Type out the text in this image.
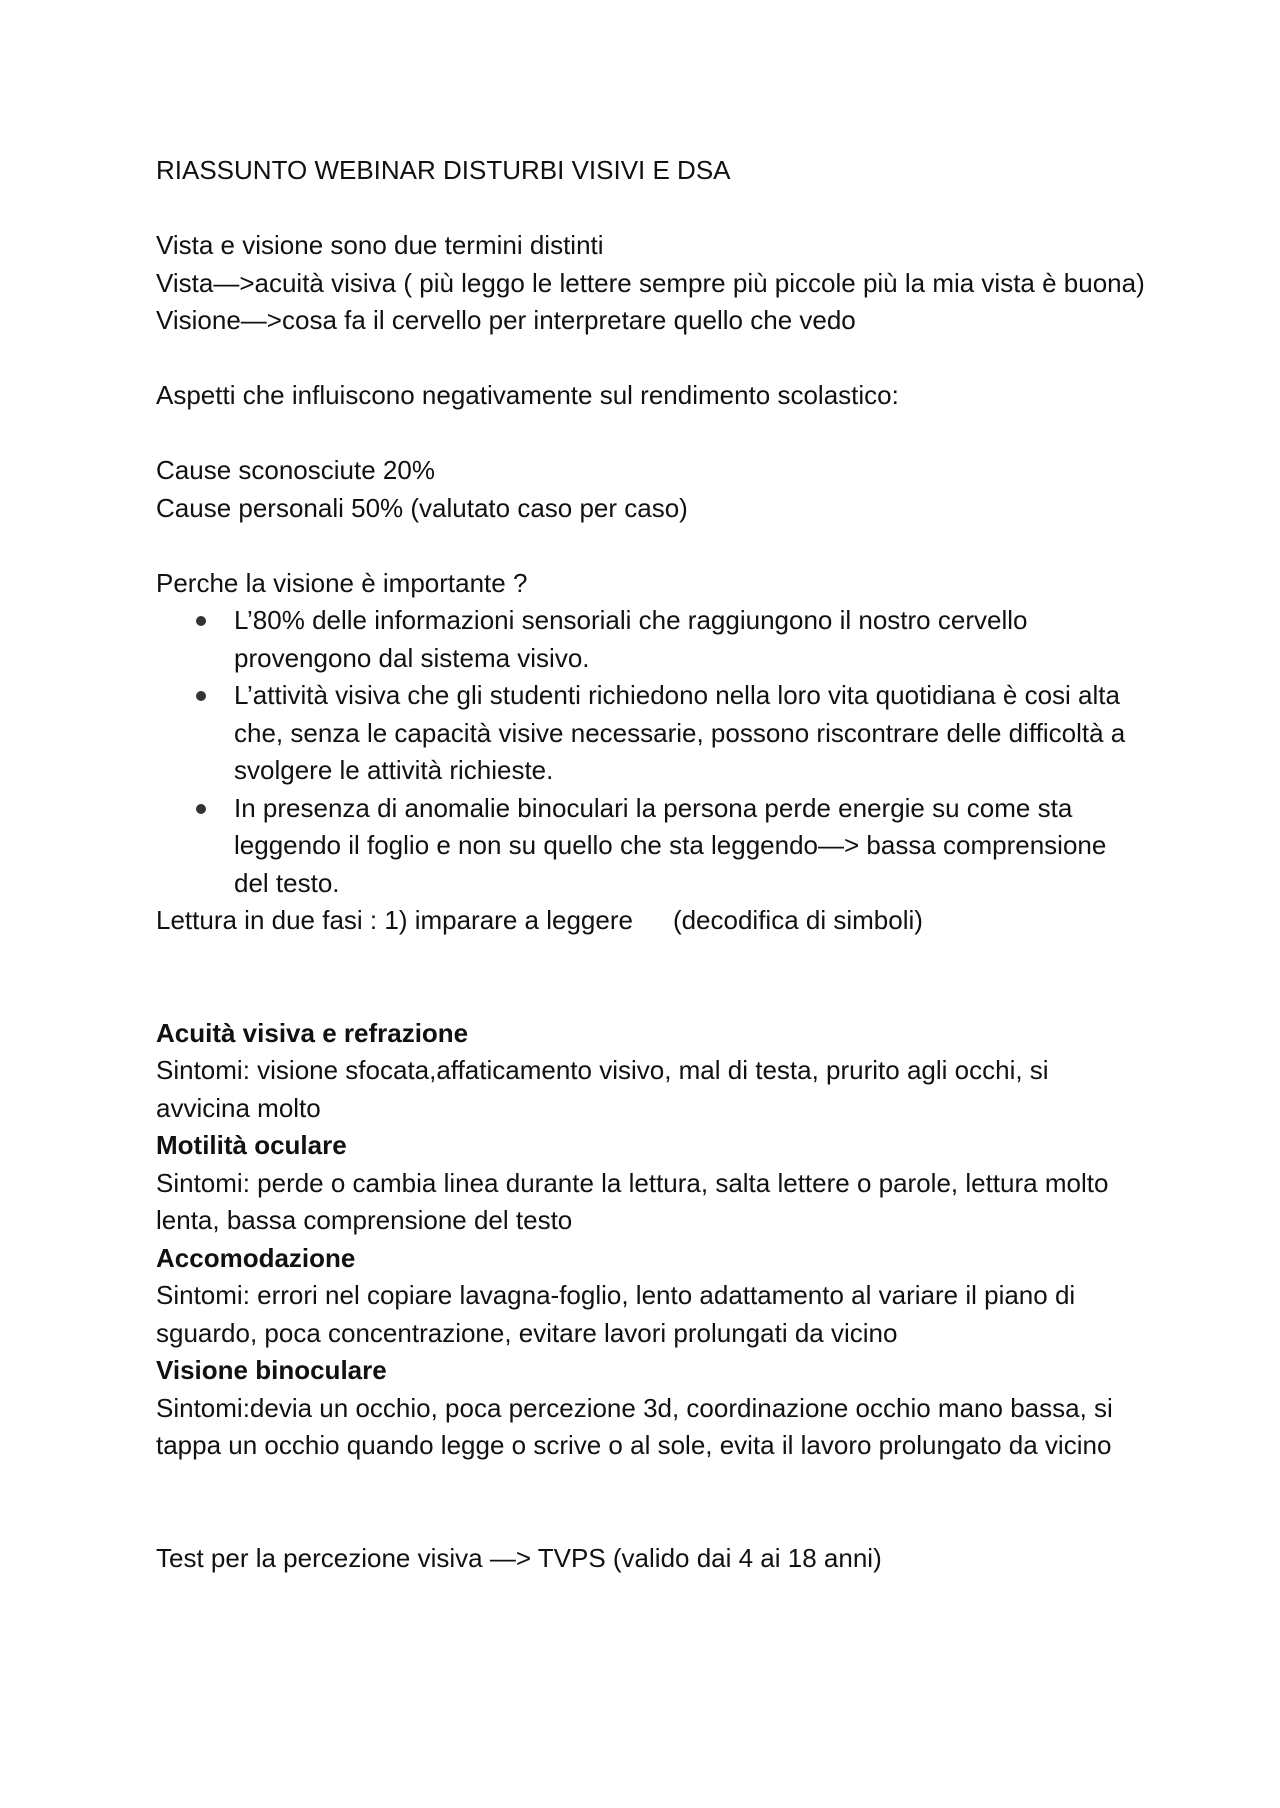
RIASSUNTO WEBINAR DISTURBI VISIVI E DSA

Vista e visione sono due termini distinti

Vista—>acuità visiva ( più leggo le lettere sempre più piccole più la mia vista è buona)

Visione—>cosa fa il cervello per interpretare quello che vedo

Aspetti che influiscono negativamente sul rendimento scolastico:

Cause sconosciute 20%

Cause personali 50% (valutato caso per caso)

Perche la visione è importante ?

L’80% delle informazioni sensoriali che raggiungono il nostro cervello provengono dal sistema visivo.
L’attività visiva che gli studenti richiedono nella loro vita quotidiana è cosi alta che, senza le capacità visive necessarie, possono riscontrare delle difficoltà a svolgere le attività richieste.
In presenza di anomalie binoculari la persona perde energie su come sta leggendo il foglio e non su quello che sta leggendo—> bassa comprensione del testo.

Lettura in due fasi : 1) imparare a leggere (decodifica di simboli)

Acuità visiva e refrazione

Sintomi: visione sfocata,affaticamento visivo, mal di testa, prurito agli occhi, si avvicina molto

Motilità oculare

Sintomi: perde o cambia linea durante la lettura, salta lettere o parole, lettura molto lenta, bassa comprensione del testo

Accomodazione

Sintomi: errori nel copiare lavagna-foglio, lento adattamento al variare il piano di sguardo, poca concentrazione, evitare lavori prolungati da vicino

Visione binoculare

Sintomi:devia un occhio, poca percezione 3d, coordinazione occhio mano bassa, si tappa un occhio quando legge o scrive o al sole, evita il lavoro prolungato da vicino

Test per la percezione visiva —> TVPS (valido dai 4 ai 18 anni)
